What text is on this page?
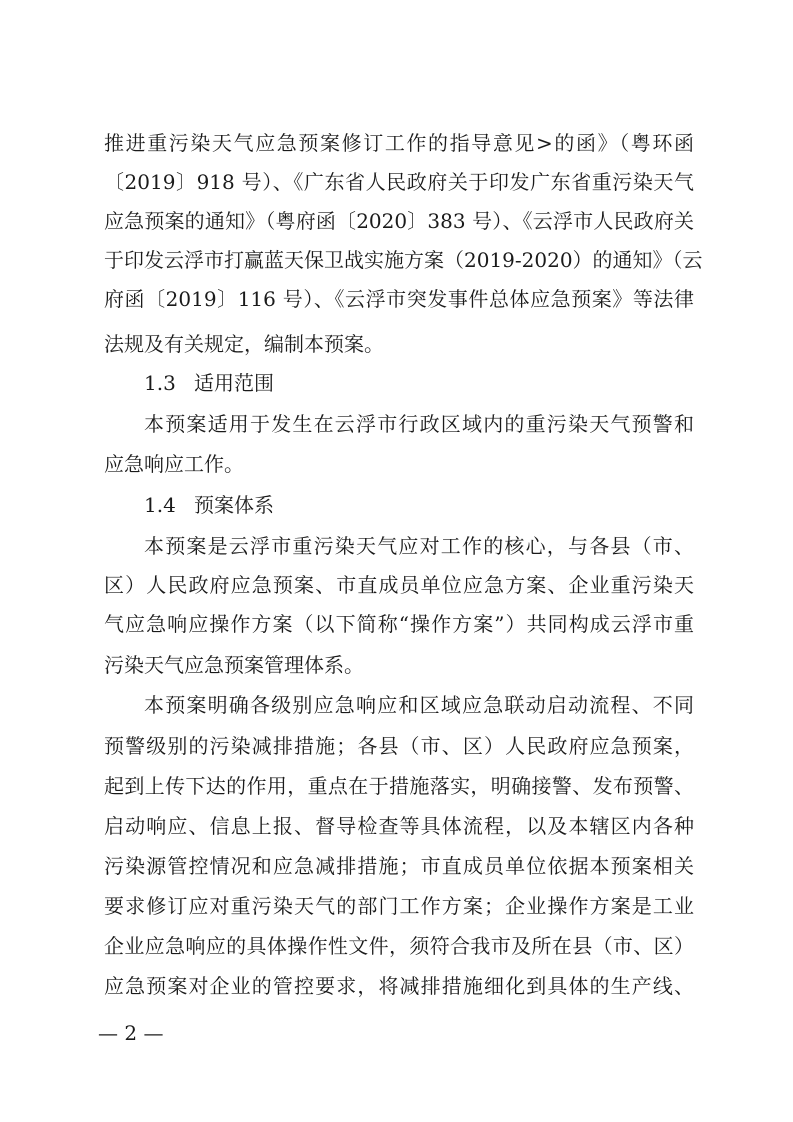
推进重污染天气应急预案修订工作的指导意见>的函》（粤环函
〔2019〕918 号）、《广东省人民政府关于印发广东省重污染天气
应急预案的通知》（粤府函〔2020〕383 号）、《云浮市人民政府关
于印发云浮市打赢蓝天保卫战实施方案（2019-2020）的通知》（云
府函〔2019〕116 号）、《云浮市突发事件总体应急预案》等法律
法规及有关规定，编制本预案。
1.3 适用范围
本预案适用于发生在云浮市行政区域内的重污染天气预警和
应急响应工作。
1.4 预案体系
本预案是云浮市重污染天气应对工作的核心，与各县（市、
区）人民政府应急预案、市直成员单位应急方案、企业重污染天
气应急响应操作方案（以下简称“操作方案”）共同构成云浮市重
污染天气应急预案管理体系。
本预案明确各级别应急响应和区域应急联动启动流程、不同
预警级别的污染减排措施；各县（市、区）人民政府应急预案，
起到上传下达的作用，重点在于措施落实，明确接警、发布预警、
启动响应、信息上报、督导检查等具体流程，以及本辖区内各种
污染源管控情况和应急减排措施；市直成员单位依据本预案相关
要求修订应对重污染天气的部门工作方案；企业操作方案是工业
企业应急响应的具体操作性文件，须符合我市及所在县（市、区）
应急预案对企业的管控要求，将减排措施细化到具体的生产线、
— 2 —
